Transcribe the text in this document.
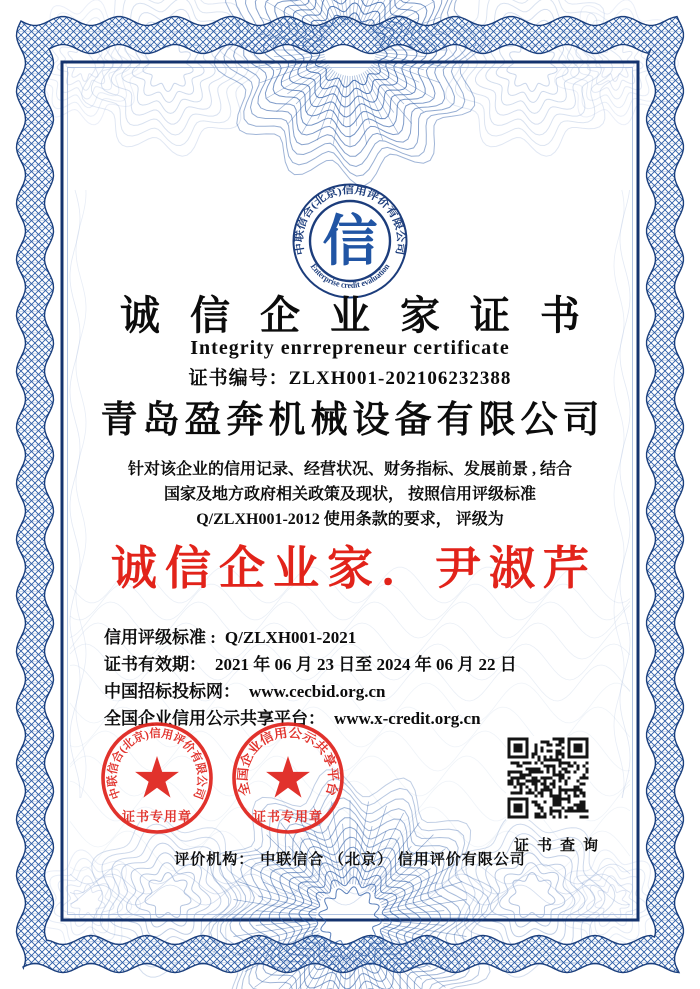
中联信合(北京)信用评价有限公司
Enterprise credit evaluation
信
诚信企业家证书
Integrity enrrepreneur certificate
证书编号：ZLXH001-202106232388
青岛盈奔机械设备有限公司
针对该企业的信用记录、经营状况、财务指标、发展前景 , 结合
国家及地方政府相关政策及现状， 按照信用评级标准
Q/ZLXH001-2012 使用条款的要求， 评级为
诚信企业家．尹淑芹
信用评级标准 : Q/ZLXH001-2021
证书有效期： 2021 年 06 月 23 日至 2024 年 06 月 22 日
中国招标投标网： www.cecbid.org.cn
全国企业信用公示共享平台： www.x-credit.org.cn
中联信合(北京)信用评价有限公司
证书专用章
全国企业信用公示共享平台
证书专用章
证书查询
评价机构： 中联信合 （北京） 信用评价有限公司
